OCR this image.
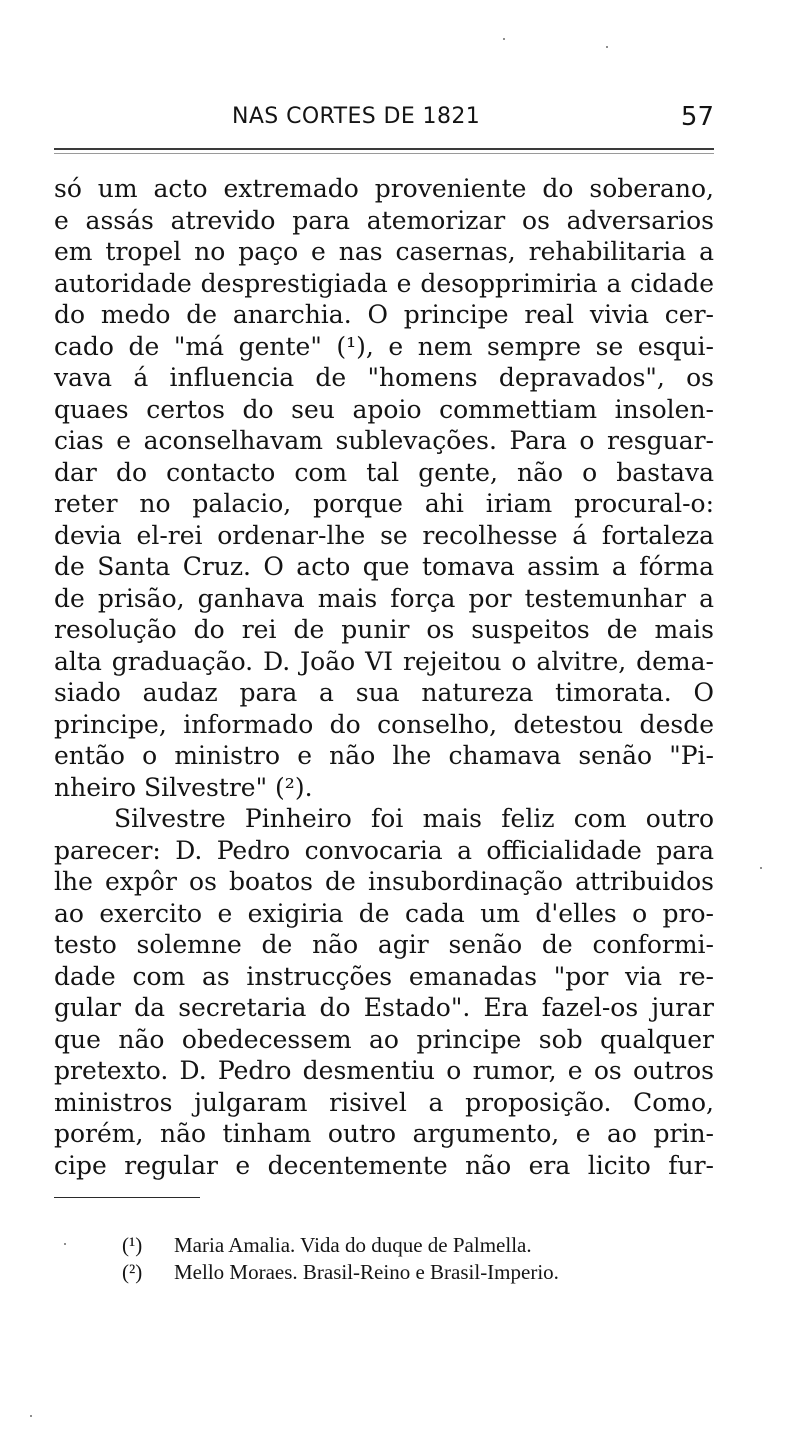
NAS CORTES DE 1821	57
só um acto extremado proveniente do soberano,
e assás atrevido para atemorizar os adversarios
em tropel no paço e nas casernas, rehabilitaria a
autoridade desprestigiada e desopprimiria a cidade
do medo de anarchia. O principe real vivia cer-
cado de "má gente" (¹), e nem sempre se esqui-
vava á influencia de "homens depravados", os
quaes certos do seu apoio commettiam insolen-
cias e aconselhavam sublevações. Para o resguar-
dar do contacto com tal gente, não o bastava
reter no palacio, porque ahi iriam procural-o:
devia el-rei ordenar-lhe se recolhesse á fortaleza
de Santa Cruz. O acto que tomava assim a fórma
de prisão, ganhava mais força por testemunhar a
resolução do rei de punir os suspeitos de mais
alta graduação. D. João VI rejeitou o alvitre, dema-
siado audaz para a sua natureza timorata. O
principe, informado do conselho, detestou desde
então o ministro e não lhe chamava senão "Pi-
nheiro Silvestre" (²).
Silvestre Pinheiro foi mais feliz com outro
parecer: D. Pedro convocaria a officialidade para
lhe expôr os boatos de insubordinação attribuidos
ao exercito e exigiria de cada um d'elles o pro-
testo solemne de não agir senão de conformi-
dade com as instrucções emanadas "por via re-
gular da secretaria do Estado". Era fazel-os jurar
que não obedecessem ao principe sob qualquer
pretexto. D. Pedro desmentiu o rumor, e os outros
ministros julgaram risivel a proposição. Como,
porém, não tinham outro argumento, e ao prin-
cipe regular e decentemente não era licito fur-
(¹) Maria Amalia. Vida do duque de Palmella.
(²) Mello Moraes. Brasil-Reino e Brasil-Imperio.
